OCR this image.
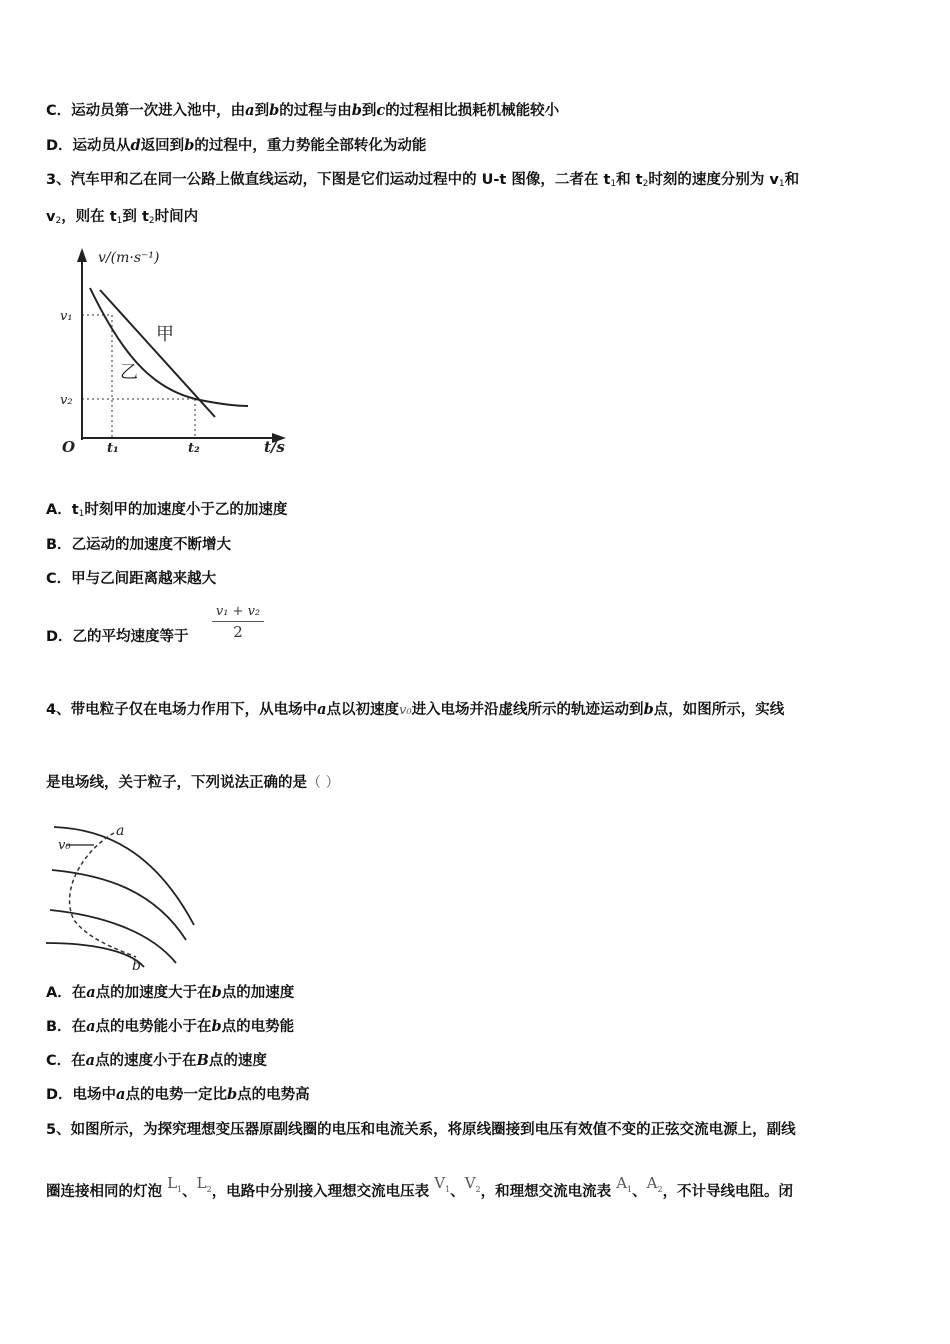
C．运动员第一次进入池中，由a到b的过程与由b到c的过程相比损耗机械能较小
D．运动员从d返回到b的过程中，重力势能全部转化为动能
3、汽车甲和乙在同一公路上做直线运动，下图是它们运动过程中的 U-t 图像，二者在 $t_1$和 $t_2$时刻的速度分别为 $v_1$和
$v_2$，则在 $t_1$到 $t_2$时间内
v/(m·s⁻¹)
v₁
v₂
O t₁	t₂	t/s
甲
乙
A．$t_1$时刻甲的加速度小于乙的加速度
B．乙运动的加速度不断增大
C．甲与乙间距离越来越大
D．乙的平均速度等于 $\frac{\text{v₁ + v₂}}{2}$
4、带电粒子仅在电场力作用下，从电场中a点以初速度v₀进入电场并沿虚线所示的轨迹运动到b点，如图所示，实线
是电场线，关于粒子，下列说法正确的是（ ）
v₀
a
b
A．在a点的加速度大于在b点的加速度
B．在a点的电势能小于在b点的电势能
C．在a点的速度小于在B点的速度
D．电场中a点的电势一定比b点的电势高
5、如图所示，为探究理想变压器原副线圈的电压和电流关系，将原线圈接到电压有效值不变的正弦交流电源上，副线
圈连接相同的灯泡 $L_1$、$L_2$，电路中分别接入理想交流电压表 $V_1$、$V_2$，和理想交流电流表 $A_1$、$A_2$，不计导线电阻。闭
